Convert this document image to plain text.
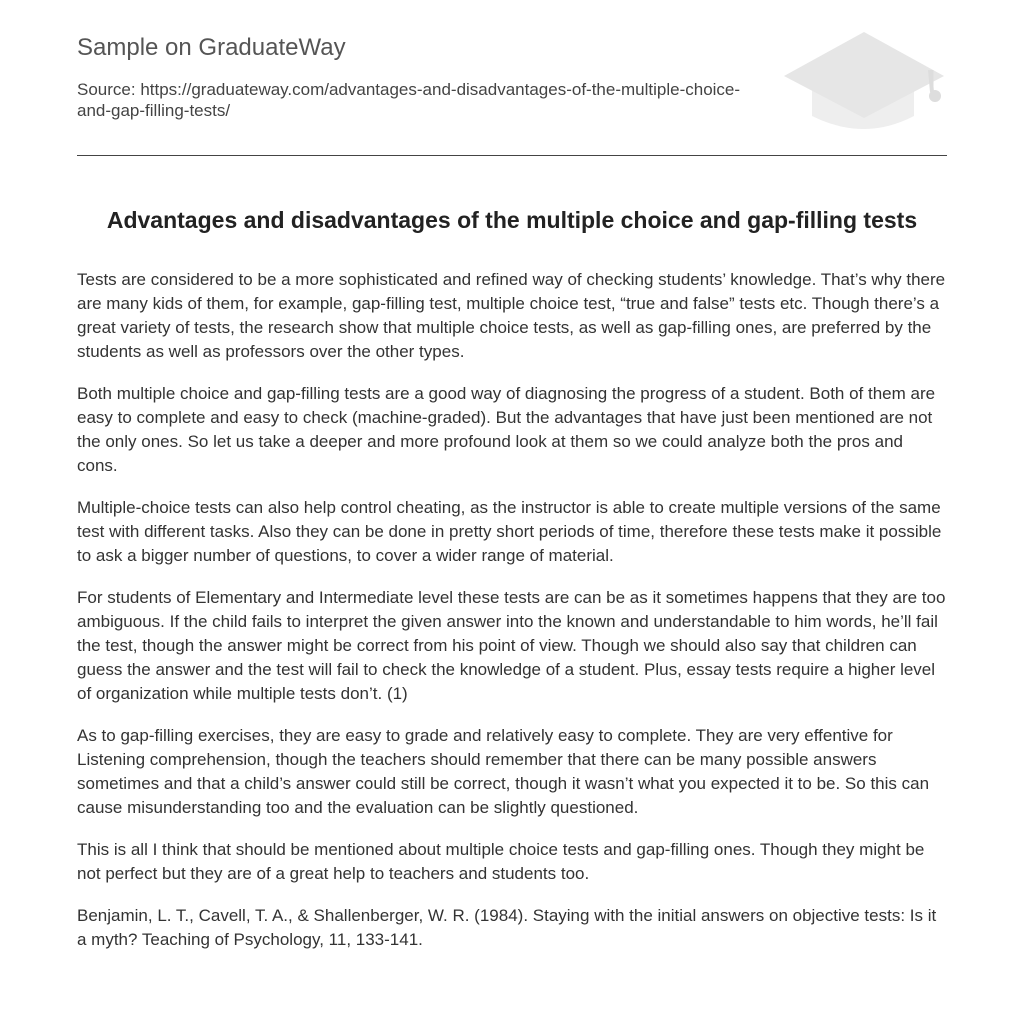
Sample on GraduateWay
Source: https://graduateway.com/advantages-and-disadvantages-of-the-multiple-choice-and-gap-filling-tests/
Advantages and disadvantages of the multiple choice and gap-filling tests

Tests are considered to be a more sophisticated and refined way of checking students’ knowledge. That’s why there are many kids of them, for example, gap-filling test, multiple choice test, “true and false” tests etc. Though there’s a great variety of tests, the research show that multiple choice tests, as well as gap-filling ones, are preferred by the students as well as professors over the other types.

Both multiple choice and gap-filling tests are a good way of diagnosing the progress of a student. Both of them are easy to complete and easy to check (machine-graded). But the advantages that have just been mentioned are not the only ones. So let us take a deeper and more profound look at them so we could analyze both the pros and cons.

Multiple-choice tests can also help control cheating, as the instructor is able to create multiple versions of the same test with different tasks. Also they can be done in pretty short periods of time, therefore these tests make it possible to ask a bigger number of questions, to cover a wider range of material.

For students of Elementary and Intermediate level these tests are can be as it sometimes happens that they are too ambiguous. If the child fails to interpret the given answer into the known and understandable to him words, he’ll fail the test, though the answer might be correct from his point of view. Though we should also say that children can guess the answer and the test will fail to check the knowledge of a student. Plus, essay tests require a higher level of organization while multiple tests don’t. (1)

As to gap-filling exercises, they are easy to grade and relatively easy to complete. They are very effentive for Listening comprehension, though the teachers should remember that there can be many possible answers sometimes and that a child’s answer could still be correct, though it wasn’t what you expected it to be. So this can cause misunderstanding too and the evaluation can be slightly questioned.

This is all I think that should be mentioned about multiple choice tests and gap-filling ones. Though they might be not perfect but they are of a great help to teachers and students too.

Benjamin, L. T., Cavell, T. A., & Shallenberger, W. R. (1984). Staying with the initial answers on objective tests: Is it a myth? Teaching of Psychology, 11, 133-141.
